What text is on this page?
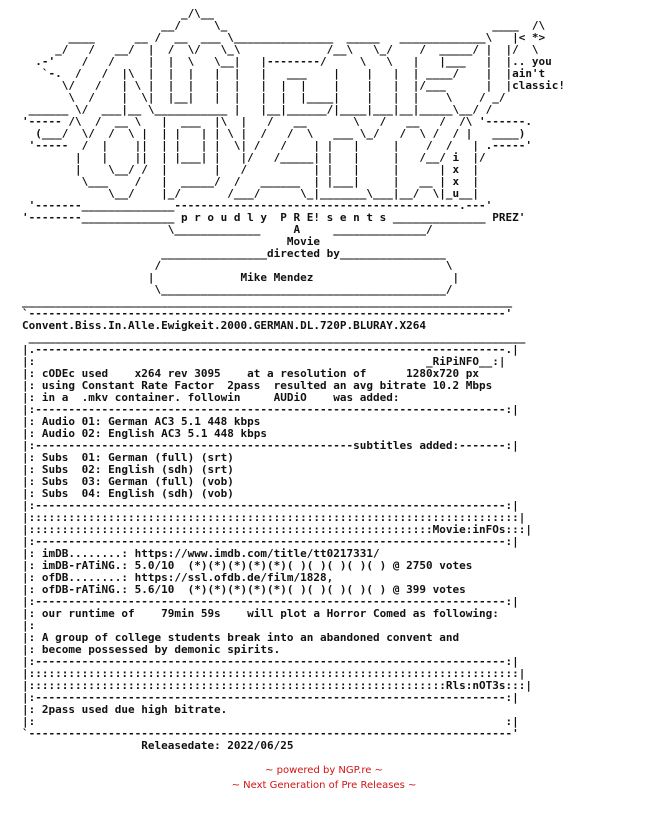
_/\__
__/     \_                                        ____  /\
____      __ /  __  ___ \_______________  _____   _____________\   |< *>
_/   /   __/  |  /  \/   \_\             /__\   \_/    /  _____/ |  |/  \
.-'    /   /     |  |  \   \__|   |--------/     \   \   |   |___   |  |.. you
`-.  /   /  |\  |  |  |   |  |   |   ___    |    |   |  | ____/    |  |ain't
\/   /   | \ |  |  |   |  |   |  |  |    |    |   |  |/___      |  |classic!
\  /    |  \|  |__|   |  |   |  |  |____|    |   |  |    \    / _/
______ \/  ___|__ \___________ |   |__|______/|____|___|__|_____\__/ /
'----- /\  /  __ \   |  ___  |\  |   /   __       \   /   __   /  /\ '------.
(___/  \/  /  \ |  | |   | | \ |  /   /  \   ___ \_/   /  \ /  / |   ____)
'-----  /  |    ||  | |   | |  \| /   /    | |   |     |    /  /   | .-----'
|   |    ||  | |___| |   |/   /_____| |   |     |   /__/ i  |/
|    \__/ /  |       |   /          | |   |     |      | x  |
\___    /   |  _____/  /   ______  | |___|     |   __ | x  |
\__/    |_/       /___/      \_|_______\___|__/  \|_u__|
'-------______________-------------------------------------------.---'
'--------______________ p r o u d l y  P R E! s e n t s ______________ PREZ'
\_____________     A     ______________/
Movie
________________directed by________________
/                                           \
|             Mike Mendez                     |
\___________________________________________/
__________________________________________________________________________
`------------------------------------------------------------------------'
Convent.Biss.In.Alle.Ewigkeit.2000.GERMAN.DL.720P.BLURAY.X264
___________________________________________________________________________
|.-----------------------------------------------------------------------.|
|:                                                           _RiPiNFO__:|
|: cODEc used    x264 rev 3095    at a resolution of      1280x720 px
|: using Constant Rate Factor  2pass  resulted an avg bitrate 10.2 Mbps
|: in a  .mkv container. followin     AUDiO    was added:
|:-----------------------------------------------------------------------:|
|: Audio 01: German AC3 5.1 448 kbps
|: Audio 02: English AC3 5.1 448 kbps
|:------------------------------------------------subtitles added:-------:|
|: Subs  01: German (full) (srt)
|: Subs  02: English (sdh) (srt)
|: Subs  03: German (full) (vob)
|: Subs  04: English (sdh) (vob)
|:-----------------------------------------------------------------------:|
|::::::::::::::::::::::::::::::::::::::::::::::::::::::::::::::::::::::::::|
|:::::::::::::::::::::::::::::::::::::::::::::::::::::::::::::Movie:inFOs:::|
|:-----------------------------------------------------------------------:|
|: imDB........: https://www.imdb.com/title/tt0217331/
|: imDB-rATiNG.: 5.0/10  (*)(*)(*)(*)(*)( )( )( )( )( ) @ 2750 votes
|: ofDB........: https://ssl.ofdb.de/film/1828,
|: ofDB-rATiNG.: 5.6/10  (*)(*)(*)(*)(*)( )( )( )( )( ) @ 399 votes
|:-----------------------------------------------------------------------:|
|: our runtime of    79min 59s    will plot a Horror Comed as following:
|:
|: A group of college students break into an abandoned convent and
|: become possessed by demonic spirits.
|:-----------------------------------------------------------------------:|
|::::::::::::::::::::::::::::::::::::::::::::::::::::::::::::::::::::::::::|
|:::::::::::::::::::::::::::::::::::::::::::::::::::::::::::::::Rls:nOT3s:::|
|:-----------------------------------------------------------------------:|
|: 2pass used due high bitrate.
|:                                                                       :|
`-------------------------------------------------------------------------'
Releasedate: 2022/06/25
~ powered by NGP.re ~
~ Next Generation of Pre Releases ~
